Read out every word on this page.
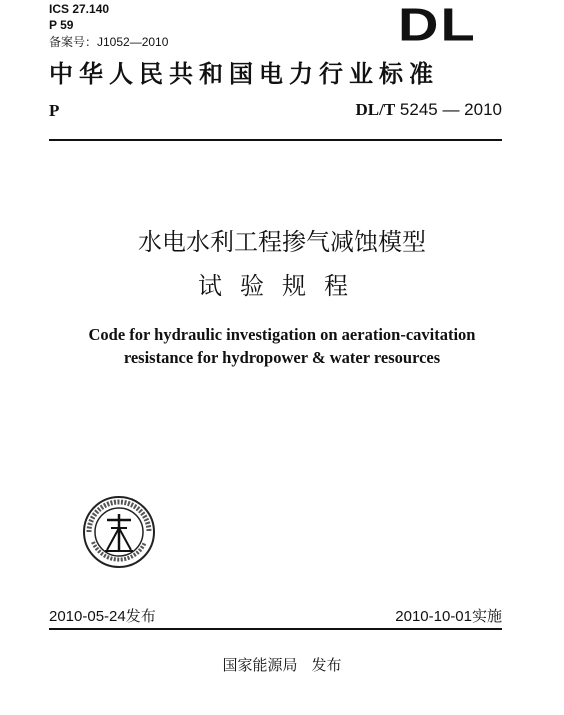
ICS 27.140
P 59
备案号：J1052—2010	DL
中华人民共和国电力行业标准
P	DL/T 5245 — 2010
水电水利工程掺气减蚀模型
试验规程
Code for hydraulic investigation on aeration-cavitation
resistance for hydropower & water resources
2010-05-24发布	2010-10-01实施
国家能源局 发布
